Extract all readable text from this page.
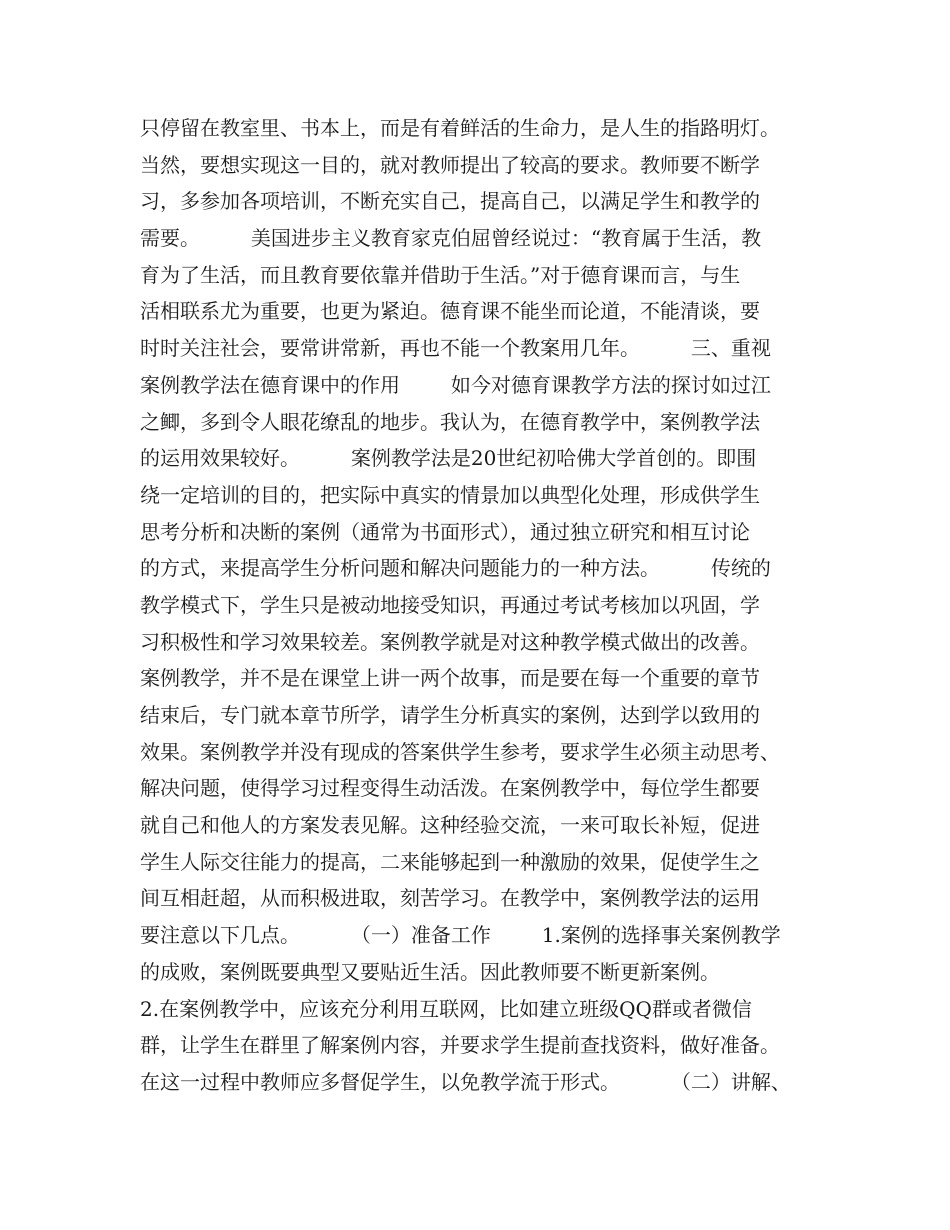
只停留在教室里、书本上，而是有着鲜活的生命力，是人生的指路明灯。
当然，要想实现这一目的，就对教师提出了较高的要求。教师要不断学
习，多参加各项培训，不断充实自己，提高自己，以满足学生和教学的
需要。        美国进步主义教育家克伯屈曾经说过：“教育属于生活，教
育为了生活，而且教育要依靠并借助于生活。”对于德育课而言，与生
活相联系尤为重要，也更为紧迫。德育课不能坐而论道，不能清谈，要
时时关注社会，要常讲常新，再也不能一个教案用几年。        三、重视
案例教学法在德育课中的作用        如今对德育课教学方法的探讨如过江
之鲫，多到令人眼花缭乱的地步。我认为，在德育教学中，案例教学法
的运用效果较好。        案例教学法是20世纪初哈佛大学首创的。即围
绕一定培训的目的，把实际中真实的情景加以典型化处理，形成供学生
思考分析和决断的案例（通常为书面形式），通过独立研究和相互讨论
的方式，来提高学生分析问题和解决问题能力的一种方法。        传统的
教学模式下，学生只是被动地接受知识，再通过考试考核加以巩固，学
习积极性和学习效果较差。案例教学就是对这种教学模式做出的改善。
案例教学，并不是在课堂上讲一两个故事，而是要在每一个重要的章节
结束后，专门就本章节所学，请学生分析真实的案例，达到学以致用的
效果。案例教学并没有现成的答案供学生参考，要求学生必须主动思考、
解决问题，使得学习过程变得生动活泼。在案例教学中，每位学生都要
就自己和他人的方案发表见解。这种经验交流，一来可取长补短，促进
学生人际交往能力的提高，二来能够起到一种激励的效果，促使学生之
间互相赶超，从而积极进取，刻苦学习。在教学中，案例教学法的运用
要注意以下几点。        （一）准备工作        1.案例的选择事关案例教学
的成败，案例既要典型又要贴近生活。因此教师要不断更新案例。
2.在案例教学中，应该充分利用互联网，比如建立班级QQ群或者微信
群，让学生在群里了解案例内容，并要求学生提前查找资料，做好准备。
在这一过程中教师应多督促学生，以免教学流于形式。        （二）讲解、
